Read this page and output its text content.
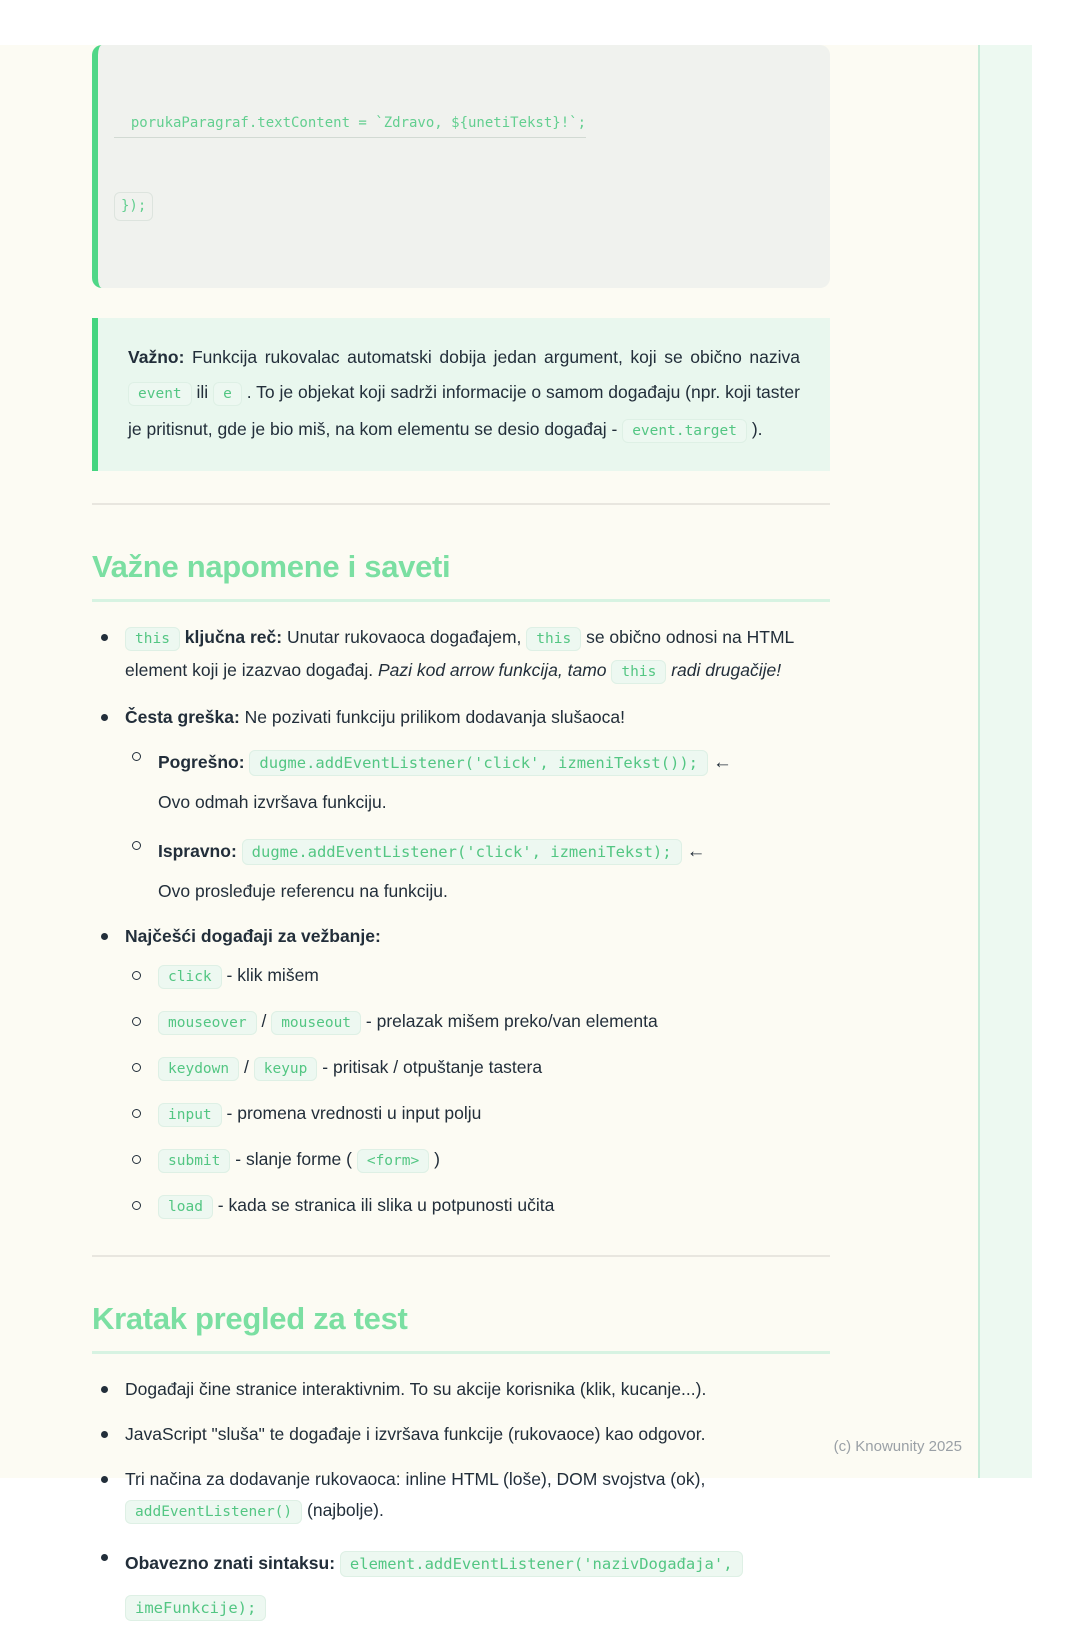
porukaParagraf.textContent = `Zdravo, ${unetiTekst}!`;

});

Važno: Funkcija rukovalac automatski dobija jedan argument, koji se obično naziva event ili e . To je objekat koji sadrži informacije o samom događaju (npr. koji taster je pritisnut, gde je bio miš, na kom elementu se desio događaj - event.target ).
Važne napomene i saveti
this ključna reč: Unutar rukovaoca događajem, this se obično odnosi na HTML element koji je izazvao događaj. Pazi kod arrow funkcija, tamo this radi drugačije!
Česta greška: Ne pozivati funkciju prilikom dodavanja slušaoca!
Pogrešno: dugme.addEventListener('click', izmeniTekst()); ←
Ovo odmah izvršava funkciju.
Ispravno: dugme.addEventListener('click', izmeniTekst); ←
Ovo prosleđuje referencu na funkciju.
Najčešći događaji za vežbanje:
click - klik mišem
mouseover / mouseout - prelazak mišem preko/van elementa
keydown / keyup - pritisak / otpuštanje tastera
input - promena vrednosti u input polju
submit - slanje forme ( <form> )
load - kada se stranica ili slika u potpunosti učita
Kratak pregled za test
Događaji čine stranice interaktivnim. To su akcije korisnika (klik, kucanje...).
JavaScript "sluša" te događaje i izvršava funkcije (rukovaoce) kao odgovor.
Tri načina za dodavanje rukovaoca: inline HTML (loše), DOM svojstva (ok), addEventListener() (najbolje).
Obavezno znati sintaksu: element.addEventListener('nazivDogađaja', imeFunkcije);
(c) Knowunity 2025
